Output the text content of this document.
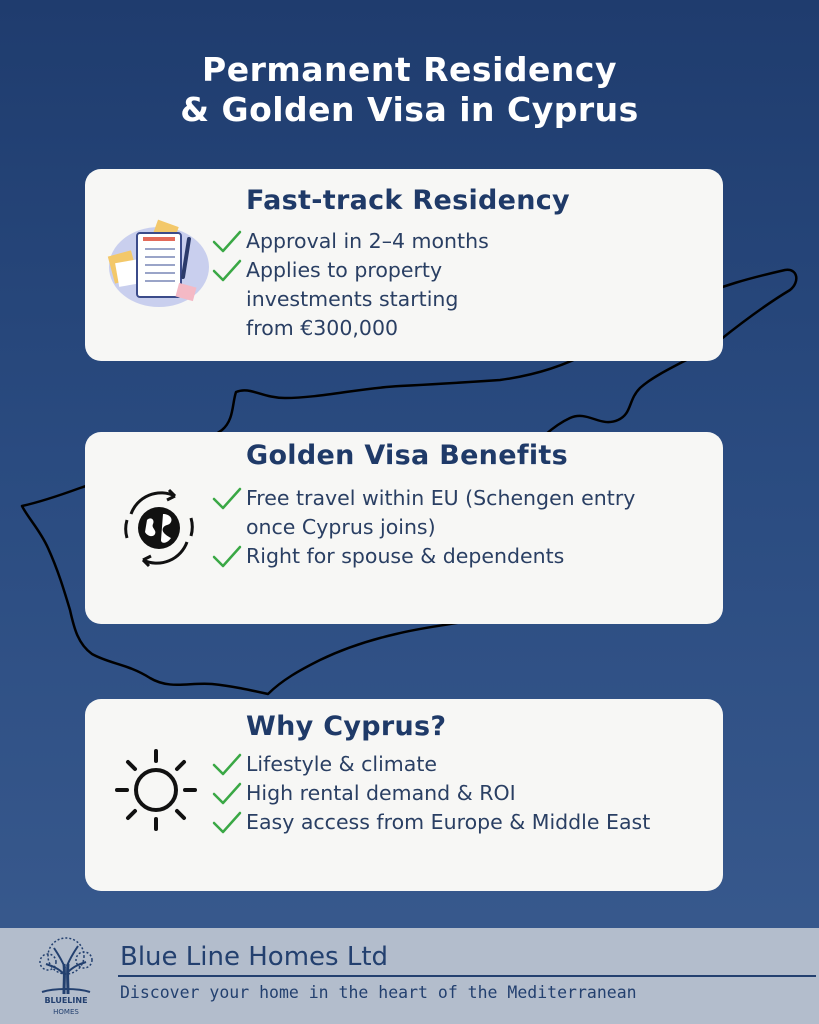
Permanent Residency
& Golden Visa in Cyprus
Fast-track Residency
Approval in 2–4 months
Applies to property
investments starting
from €300,000
Golden Visa Benefits
Free travel within EU (Schengen entry
once Cyprus joins)
Right for spouse & dependents
Why Cyprus?
Lifestyle & climate
High rental demand & ROI
Easy access from Europe & Middle East
BLUELINE
HOMES
Blue Line Homes Ltd
Discover your home in the heart of the Mediterranean
